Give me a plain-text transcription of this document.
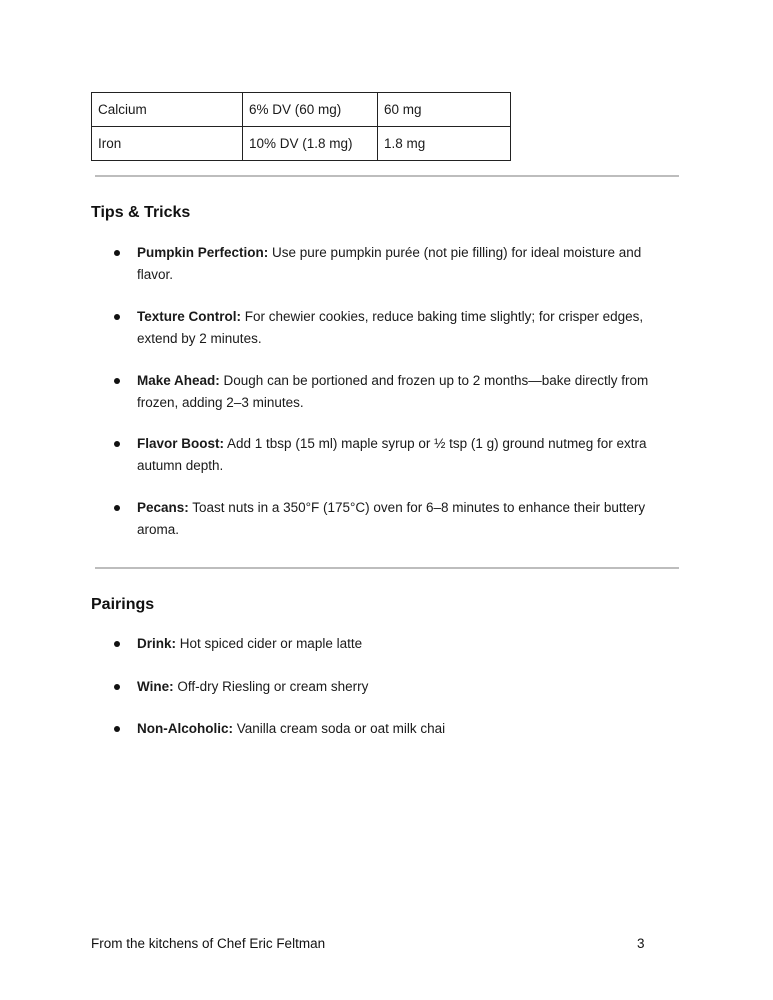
Calcium	6% DV (60 mg)	60 mg
Iron	10% DV (1.8 mg)	1.8 mg
Tips & Tricks
Pumpkin Perfection: Use pure pumpkin purée (not pie filling) for ideal moisture and flavor.
Texture Control: For chewier cookies, reduce baking time slightly; for crisper edges, extend by 2 minutes.
Make Ahead: Dough can be portioned and frozen up to 2 months—bake directly from frozen, adding 2–3 minutes.
Flavor Boost: Add 1 tbsp (15 ml) maple syrup or ½ tsp (1 g) ground nutmeg for extra autumn depth.
Pecans: Toast nuts in a 350°F (175°C) oven for 6–8 minutes to enhance their buttery aroma.
Pairings
Drink: Hot spiced cider or maple latte
Wine: Off-dry Riesling or cream sherry
Non-Alcoholic: Vanilla cream soda or oat milk chai
From the kitchens of Chef Eric Feltman	3
